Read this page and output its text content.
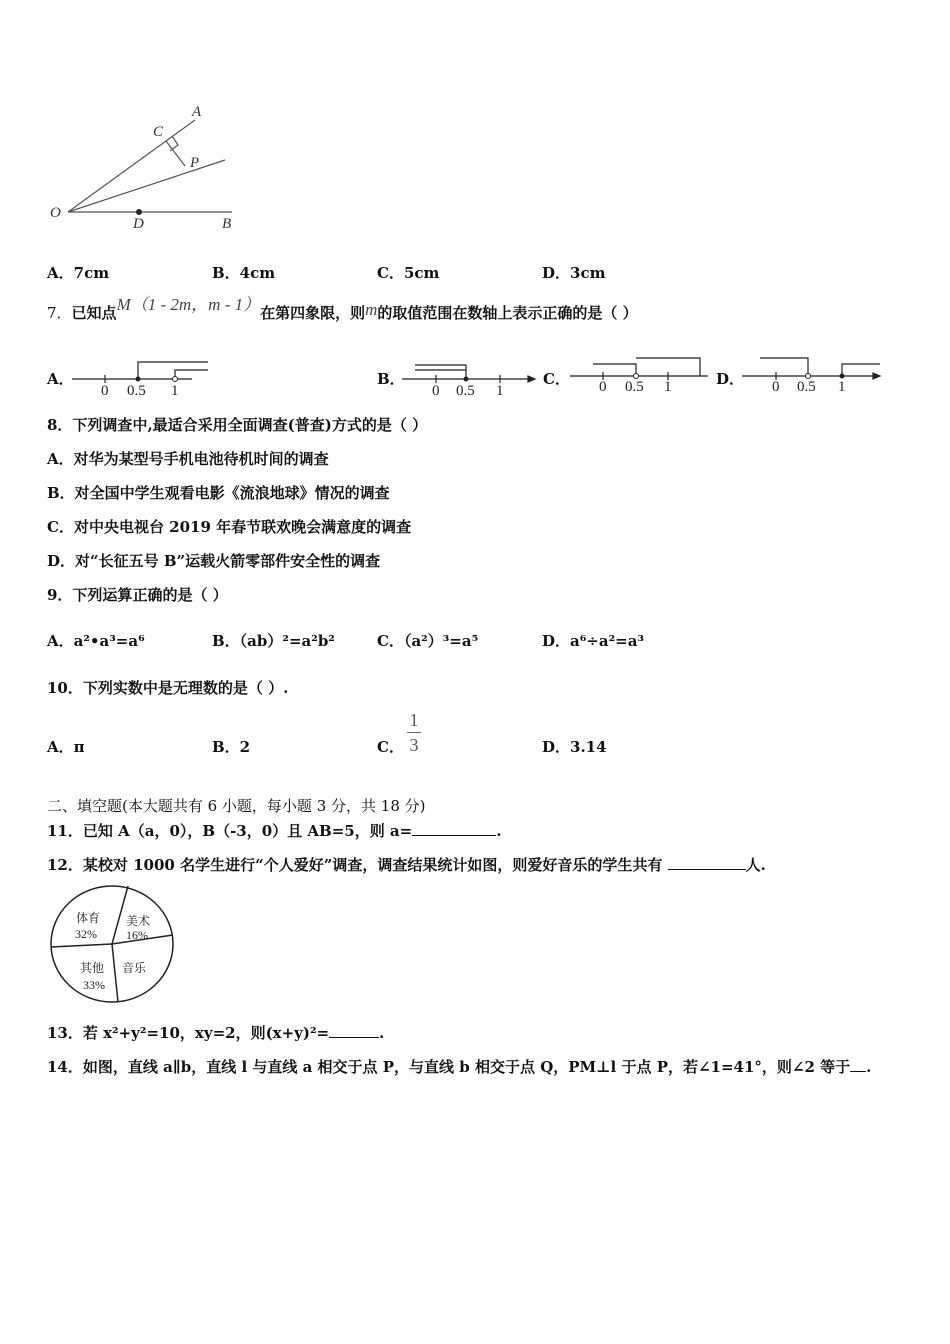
O
A
B
C
P
D
A．7cm	B．4cm	C．5cm	D．3cm
7．已知点M（1 - 2m，m - 1）在第四象限，则m的取值范围在数轴上表示正确的是（ ）
A．
0 0.5 1
B．
0 0.5 1
C． 0 0.5 1	D． 0 0.5 1
8．下列调查中,最适合采用全面调查(普查)方式的是（ ）
A．对华为某型号手机电池待机时间的调查
B．对全国中学生观看电影《流浪地球》情况的调查
C．对中央电视台 2019 年春节联欢晚会满意度的调查
D．对“长征五号 B”运载火箭零部件安全性的调查
9．下列运算正确的是（ ）
A．a²•a³=a⁶	B．（ab）²=a²b²	C．（a²）³=a⁵	D．a⁶÷a²=a³
10．下列实数中是无理数的是（ ）.
A．π	B．2	C．
1
3	D．3.14
二、填空题(本大题共有 6 小题，每小题 3 分，共 18 分)
11．已知 A（a，0），B（-3，0）且 AB=5，则 a=	.
12．某校对 1000 名学生进行“个人爱好”调查，调查结果统计如图，则爱好音乐的学生共有	人.
体育
32%
美术
16%
音乐
其他
33%
13．若 x²+y²=10，xy=2，则(x+y)²=	.
14．如图，直线 a∥b，直线 l 与直线 a 相交于点 P，与直线 b 相交于点 Q，PM⊥l 于点 P，若∠1=41°，则∠2 等于 .
